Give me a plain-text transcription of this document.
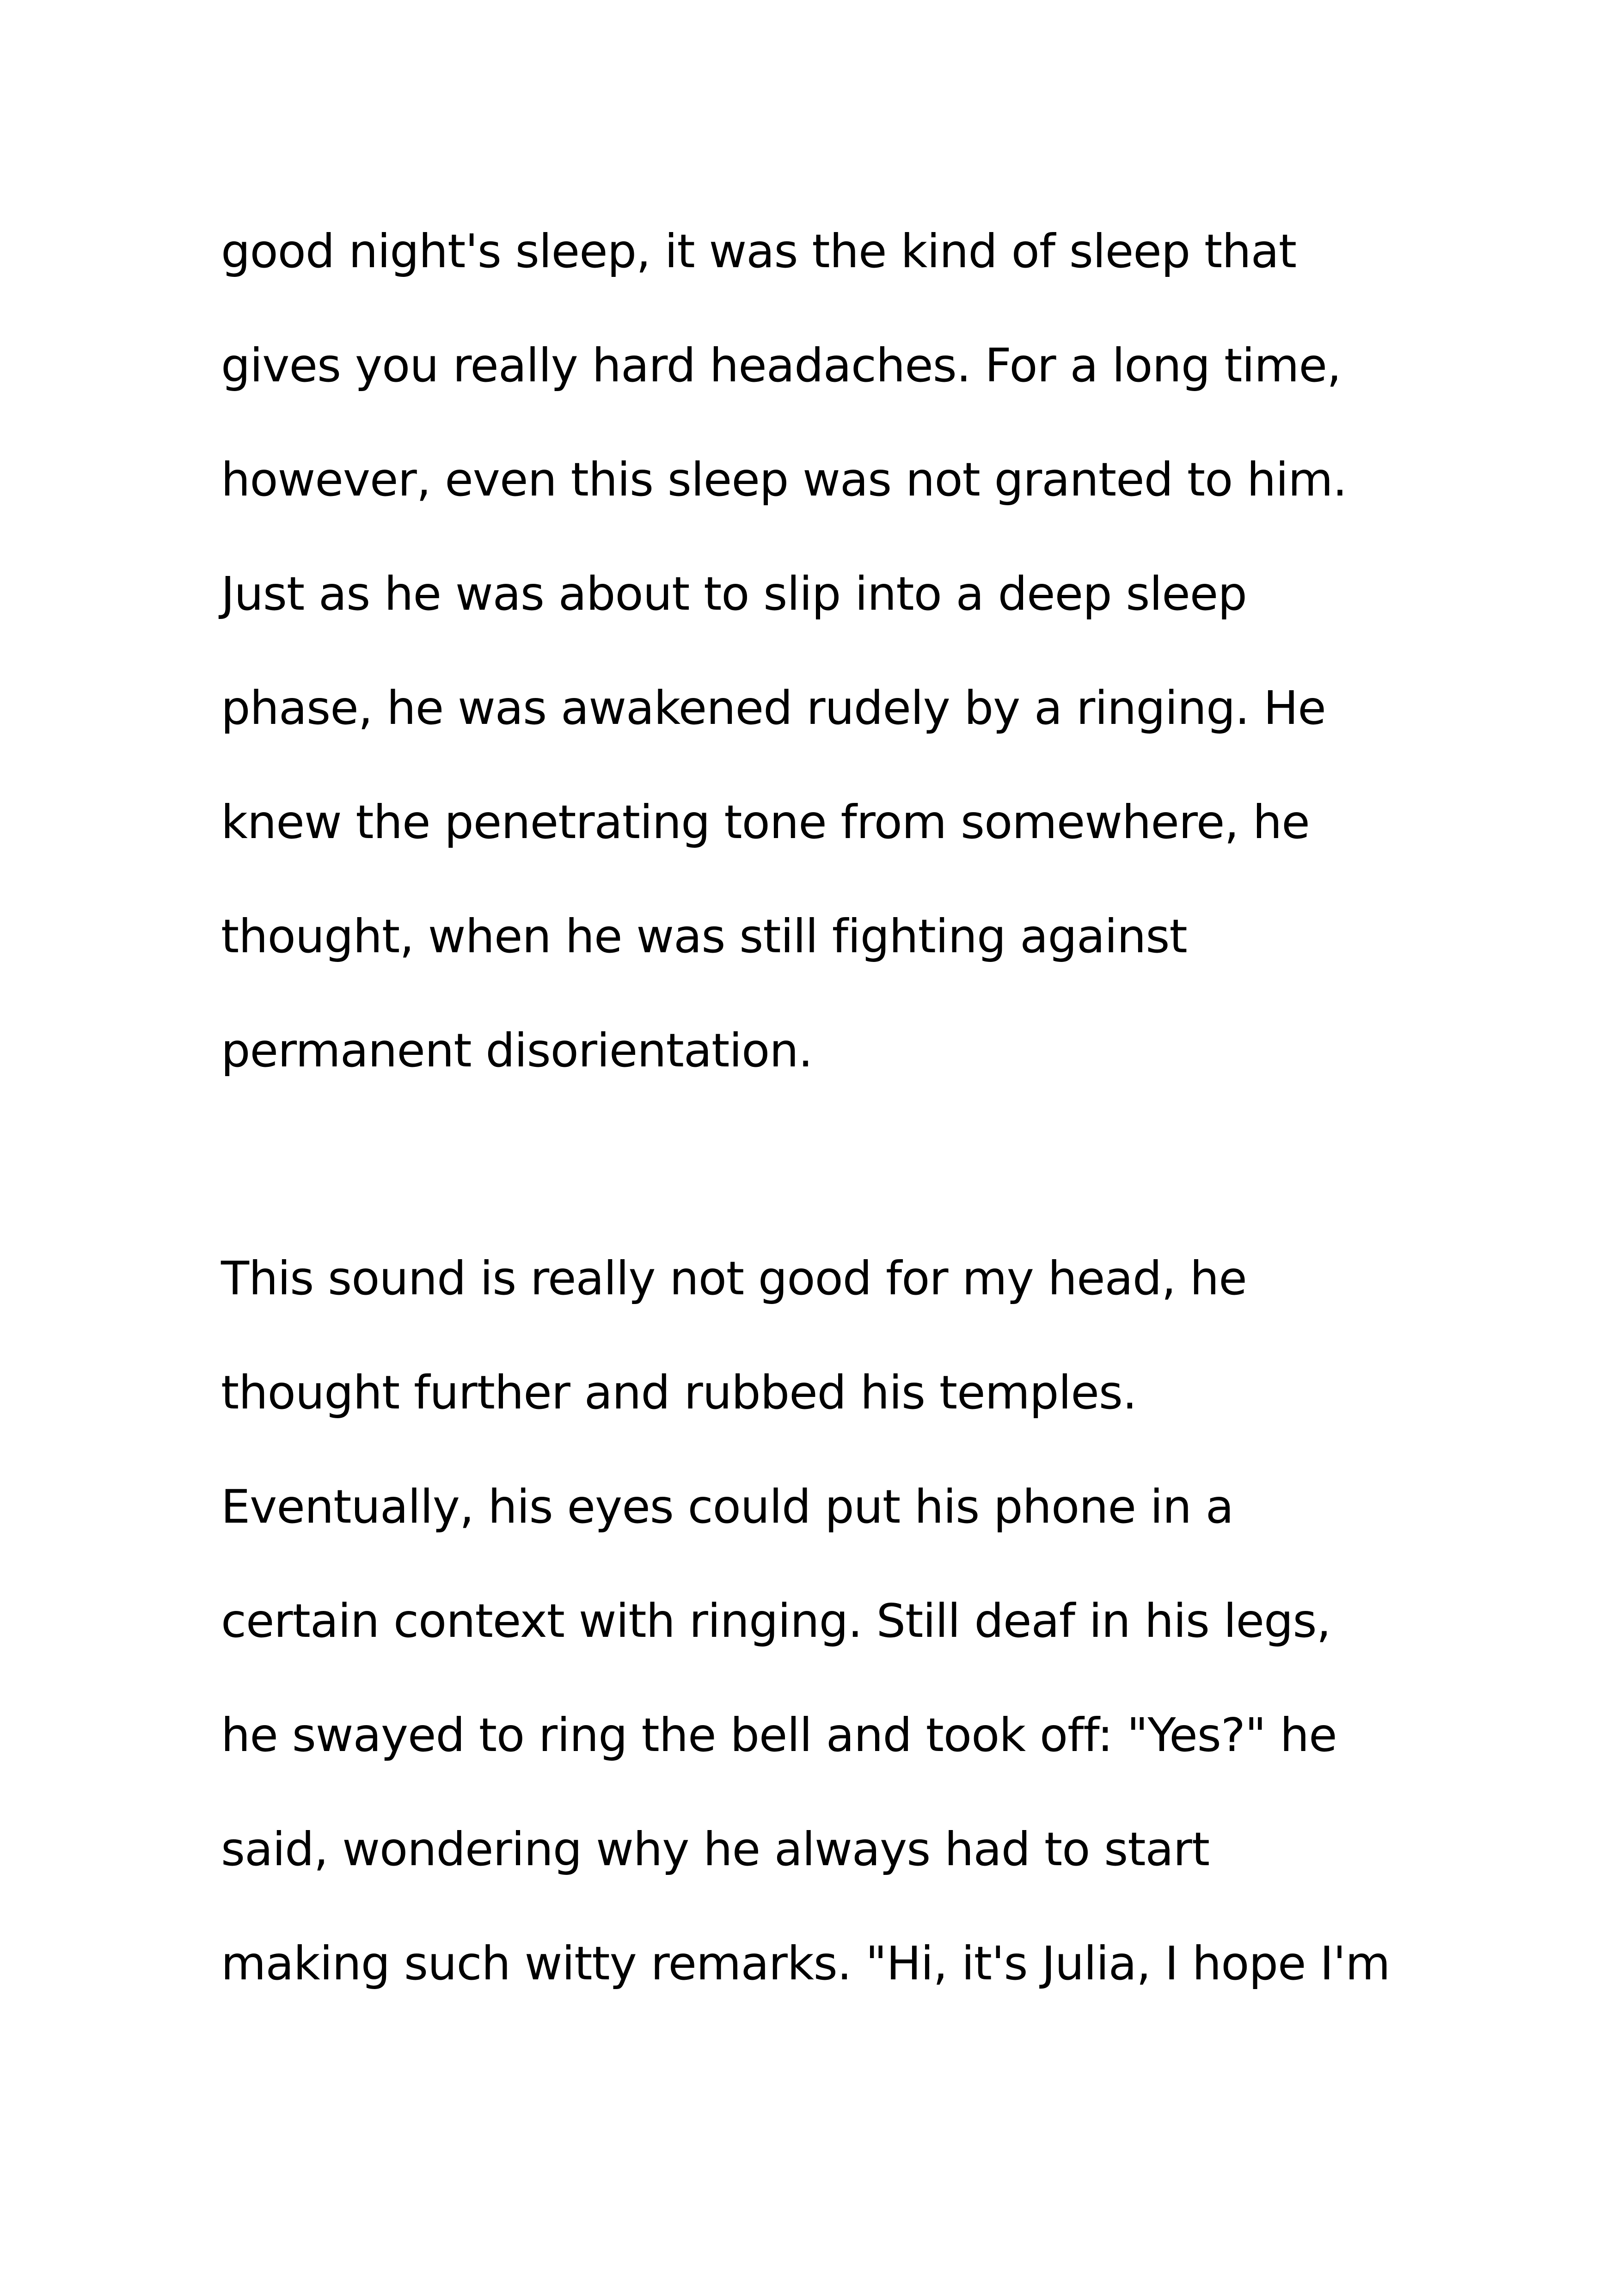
good night's sleep, it was the kind of sleep that

gives you really hard headaches. For a long time,

however, even this sleep was not granted to him.

Just as he was about to slip into a deep sleep

phase, he was awakened rudely by a ringing. He

knew the penetrating tone from somewhere, he

thought, when he was still fighting against

permanent disorientation.

This sound is really not good for my head, he

thought further and rubbed his temples.

Eventually, his eyes could put his phone in a

certain context with ringing. Still deaf in his legs,

he swayed to ring the bell and took off: "Yes?" he

said, wondering why he always had to start

making such witty remarks. "Hi, it's Julia, I hope I'm
